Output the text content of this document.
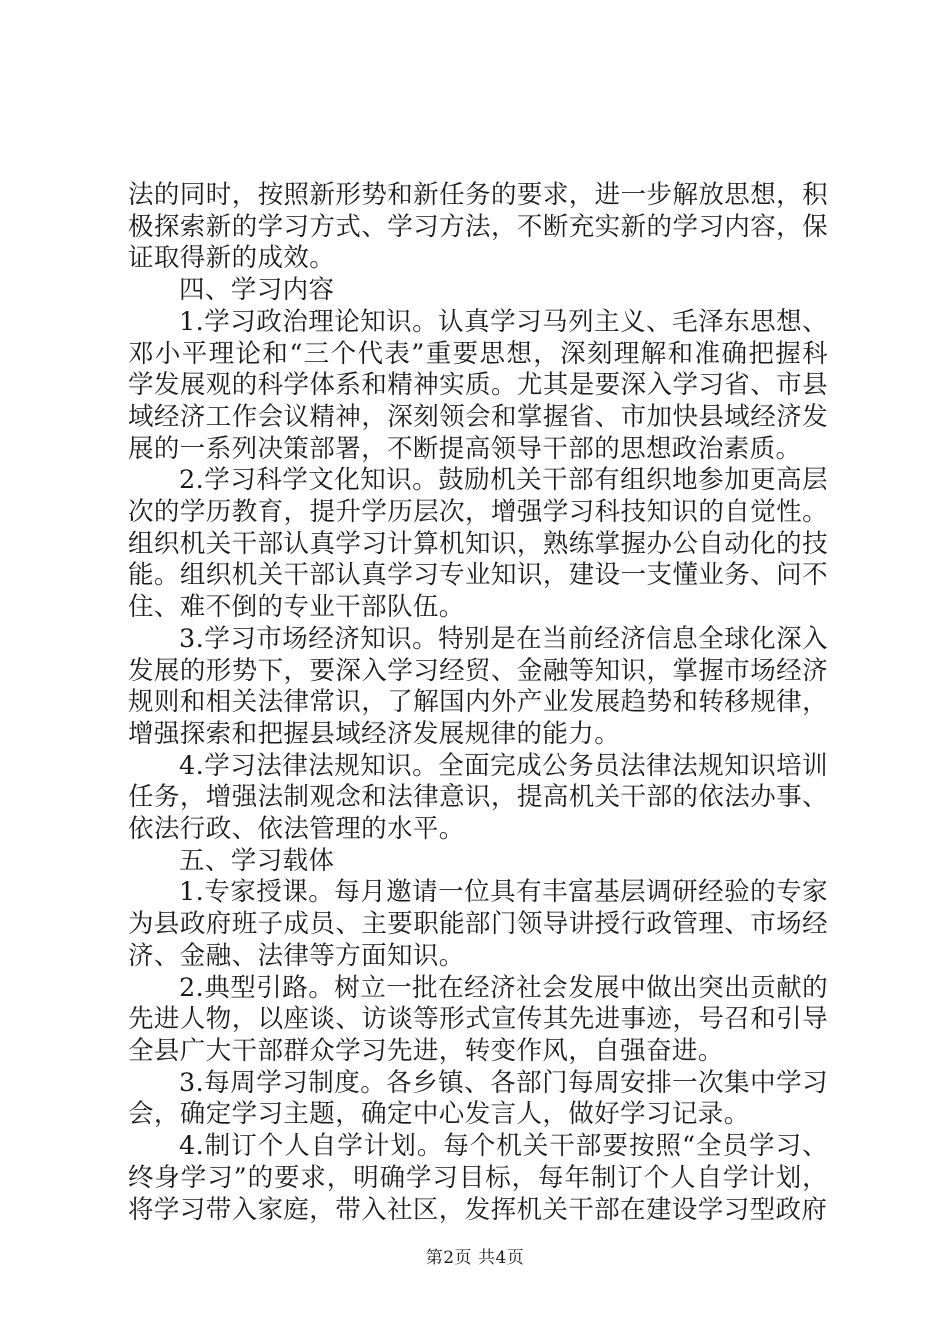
法的同时，按照新形势和新任务的要求，进一步解放思想，积极探索新的学习方式、学习方法，不断充实新的学习内容，保证取得新的成效。

四、学习内容

1.学习政治理论知识。认真学习马列主义、毛泽东思想、邓小平理论和“三个代表”重要思想，深刻理解和准确把握科学发展观的科学体系和精神实质。尤其是要深入学习省、市县域经济工作会议精神，深刻领会和掌握省、市加快县域经济发展的一系列决策部署，不断提高领导干部的思想政治素质。

2.学习科学文化知识。鼓励机关干部有组织地参加更高层次的学历教育，提升学历层次，增强学习科技知识的自觉性。组织机关干部认真学习计算机知识，熟练掌握办公自动化的技能。组织机关干部认真学习专业知识，建设一支懂业务、问不住、难不倒的专业干部队伍。

3.学习市场经济知识。特别是在当前经济信息全球化深入发展的形势下，要深入学习经贸、金融等知识，掌握市场经济规则和相关法律常识，了解国内外产业发展趋势和转移规律，增强探索和把握县域经济发展规律的能力。

4.学习法律法规知识。全面完成公务员法律法规知识培训任务，增强法制观念和法律意识，提高机关干部的依法办事、依法行政、依法管理的水平。

五、学习载体

1.专家授课。每月邀请一位具有丰富基层调研经验的专家为县政府班子成员、主要职能部门领导讲授行政管理、市场经济、金融、法律等方面知识。

2.典型引路。树立一批在经济社会发展中做出突出贡献的先进人物，以座谈、访谈等形式宣传其先进事迹，号召和引导全县广大干部群众学习先进，转变作风，自强奋进。

3.每周学习制度。各乡镇、各部门每周安排一次集中学习会，确定学习主题，确定中心发言人，做好学习记录。

4.制订个人自学计划。每个机关干部要按照“全员学习、终身学习”的要求，明确学习目标，每年制订个人自学计划，将学习带入家庭，带入社区，发挥机关干部在建设学习型政府

第2页 共4页
